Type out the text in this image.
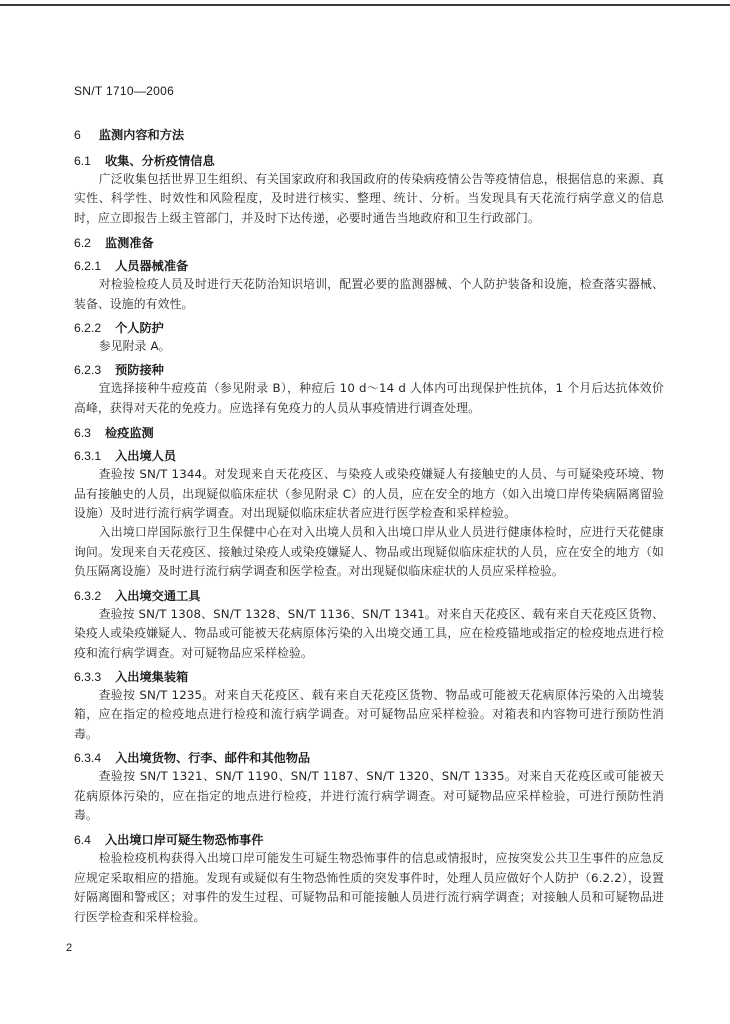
SN/T 1710—2006
6 监测内容和方法
6.1 收集、分析疫情信息

广泛收集包括世界卫生组织、有关国家政府和我国政府的传染病疫情公告等疫情信息，根据信息的来源、真实性、科学性、时效性和风险程度，及时进行核实、整理、统计、分析。当发现具有天花流行病学意义的信息时，应立即报告上级主管部门，并及时下达传递，必要时通告当地政府和卫生行政部门。

6.2 监测准备
6.2.1 人员器械准备

对检验检疫人员及时进行天花防治知识培训，配置必要的监测器械、个人防护装备和设施，检查落实器械、装备、设施的有效性。

6.2.2 个人防护

参见附录 A。

6.2.3 预防接种

宜选择接种牛痘疫苗（参见附录 B），种痘后 10 d～14 d 人体内可出现保护性抗体，1 个月后达抗体效价高峰，获得对天花的免疫力。应选择有免疫力的人员从事疫情进行调查处理。

6.3 检疫监测
6.3.1 入出境人员

查验按 SN/T 1344。对发现来自天花疫区、与染疫人或染疫嫌疑人有接触史的人员、与可疑染疫环境、物品有接触史的人员，出现疑似临床症状（参见附录 C）的人员，应在安全的地方（如入出境口岸传染病隔离留验设施）及时进行流行病学调查。对出现疑似临床症状者应进行医学检查和采样检验。

入出境口岸国际旅行卫生保健中心在对入出境人员和入出境口岸从业人员进行健康体检时，应进行天花健康询问。发现来自天花疫区、接触过染疫人或染疫嫌疑人、物品或出现疑似临床症状的人员，应在安全的地方（如负压隔离设施）及时进行流行病学调查和医学检查。对出现疑似临床症状的人员应采样检验。

6.3.2 入出境交通工具

查验按 SN/T 1308、SN/T 1328、SN/T 1136、SN/T 1341。对来自天花疫区、载有来自天花疫区货物、染疫人或染疫嫌疑人、物品或可能被天花病原体污染的入出境交通工具，应在检疫锚地或指定的检疫地点进行检疫和流行病学调查。对可疑物品应采样检验。

6.3.3 入出境集装箱

查验按 SN/T 1235。对来自天花疫区、载有来自天花疫区货物、物品或可能被天花病原体污染的入出境装箱，应在指定的检疫地点进行检疫和流行病学调查。对可疑物品应采样检验。对箱表和内容物可进行预防性消毒。

6.3.4 入出境货物、行李、邮件和其他物品

查验按 SN/T 1321、SN/T 1190、SN/T 1187、SN/T 1320、SN/T 1335。对来自天花疫区或可能被天花病原体污染的，应在指定的地点进行检疫，并进行流行病学调查。对可疑物品应采样检验，可进行预防性消毒。

6.4 入出境口岸可疑生物恐怖事件

检验检疫机构获得入出境口岸可能发生可疑生物恐怖事件的信息或情报时，应按突发公共卫生事件的应急反应规定采取相应的措施。发现有或疑似有生物恐怖性质的突发事件时，处理人员应做好个人防护（6.2.2），设置好隔离圈和警戒区；对事件的发生过程、可疑物品和可能接触人员进行流行病学调查；对接触人员和可疑物品进行医学检查和采样检验。

2
